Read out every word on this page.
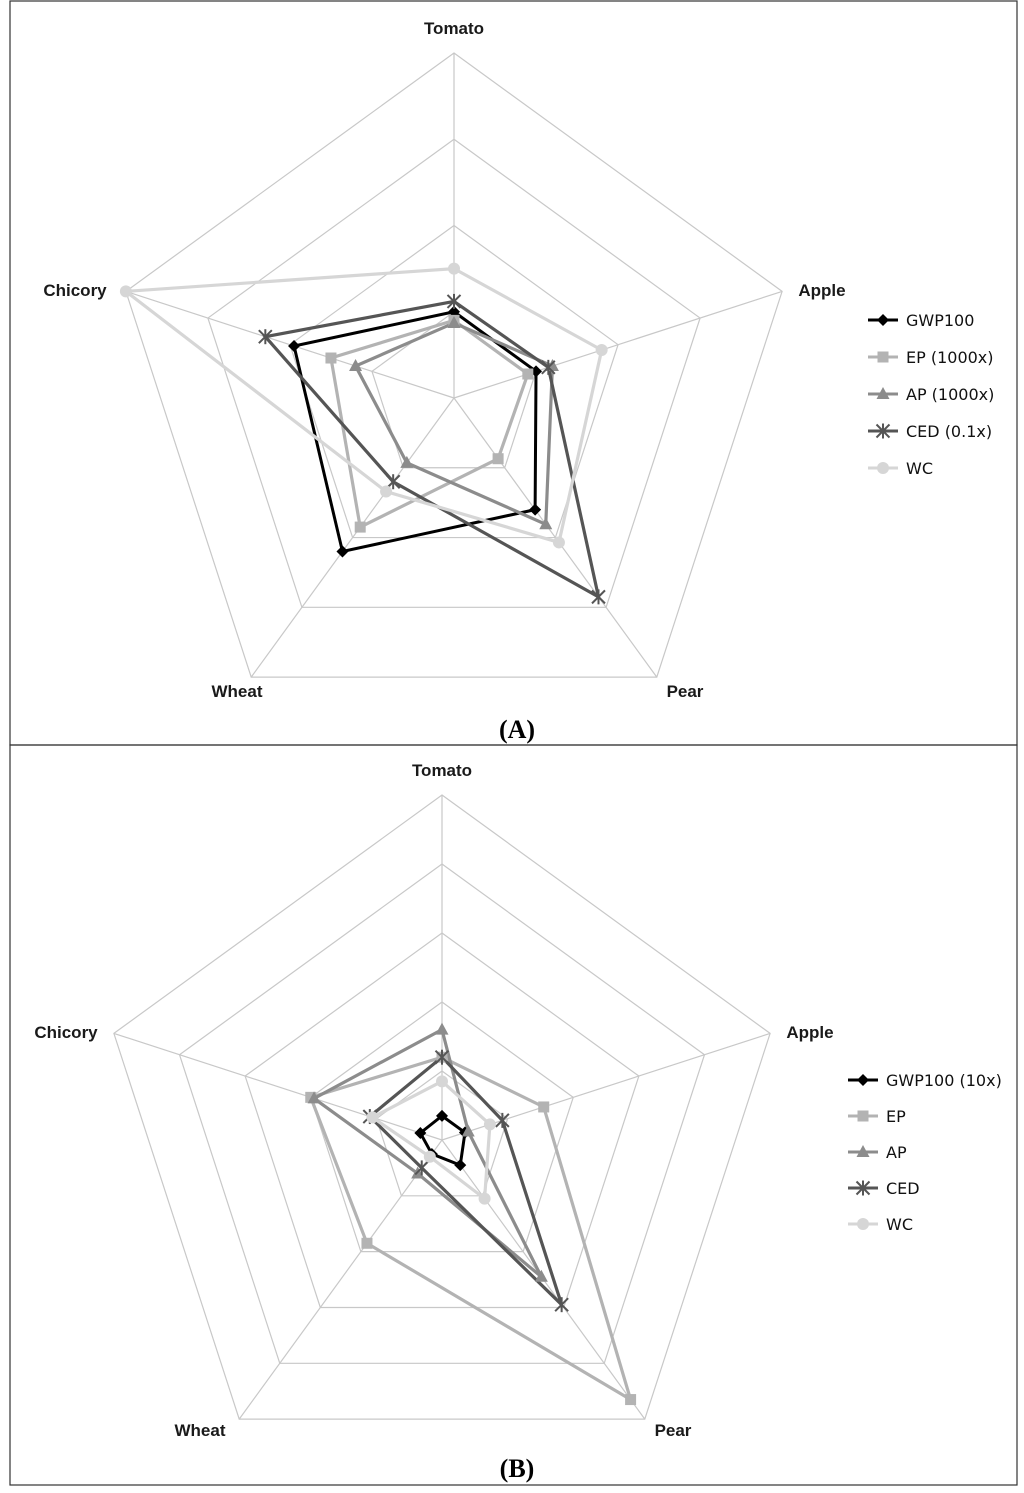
Tomato
Apple
Pear
Wheat
Chicory
GWP100
EP (1000x)
AP (1000x)
CED (0.1x)
WC
(A)
Tomato
Apple
Pear
Wheat
Chicory
GWP100 (10x)
EP
AP
CED
WC
(B)
